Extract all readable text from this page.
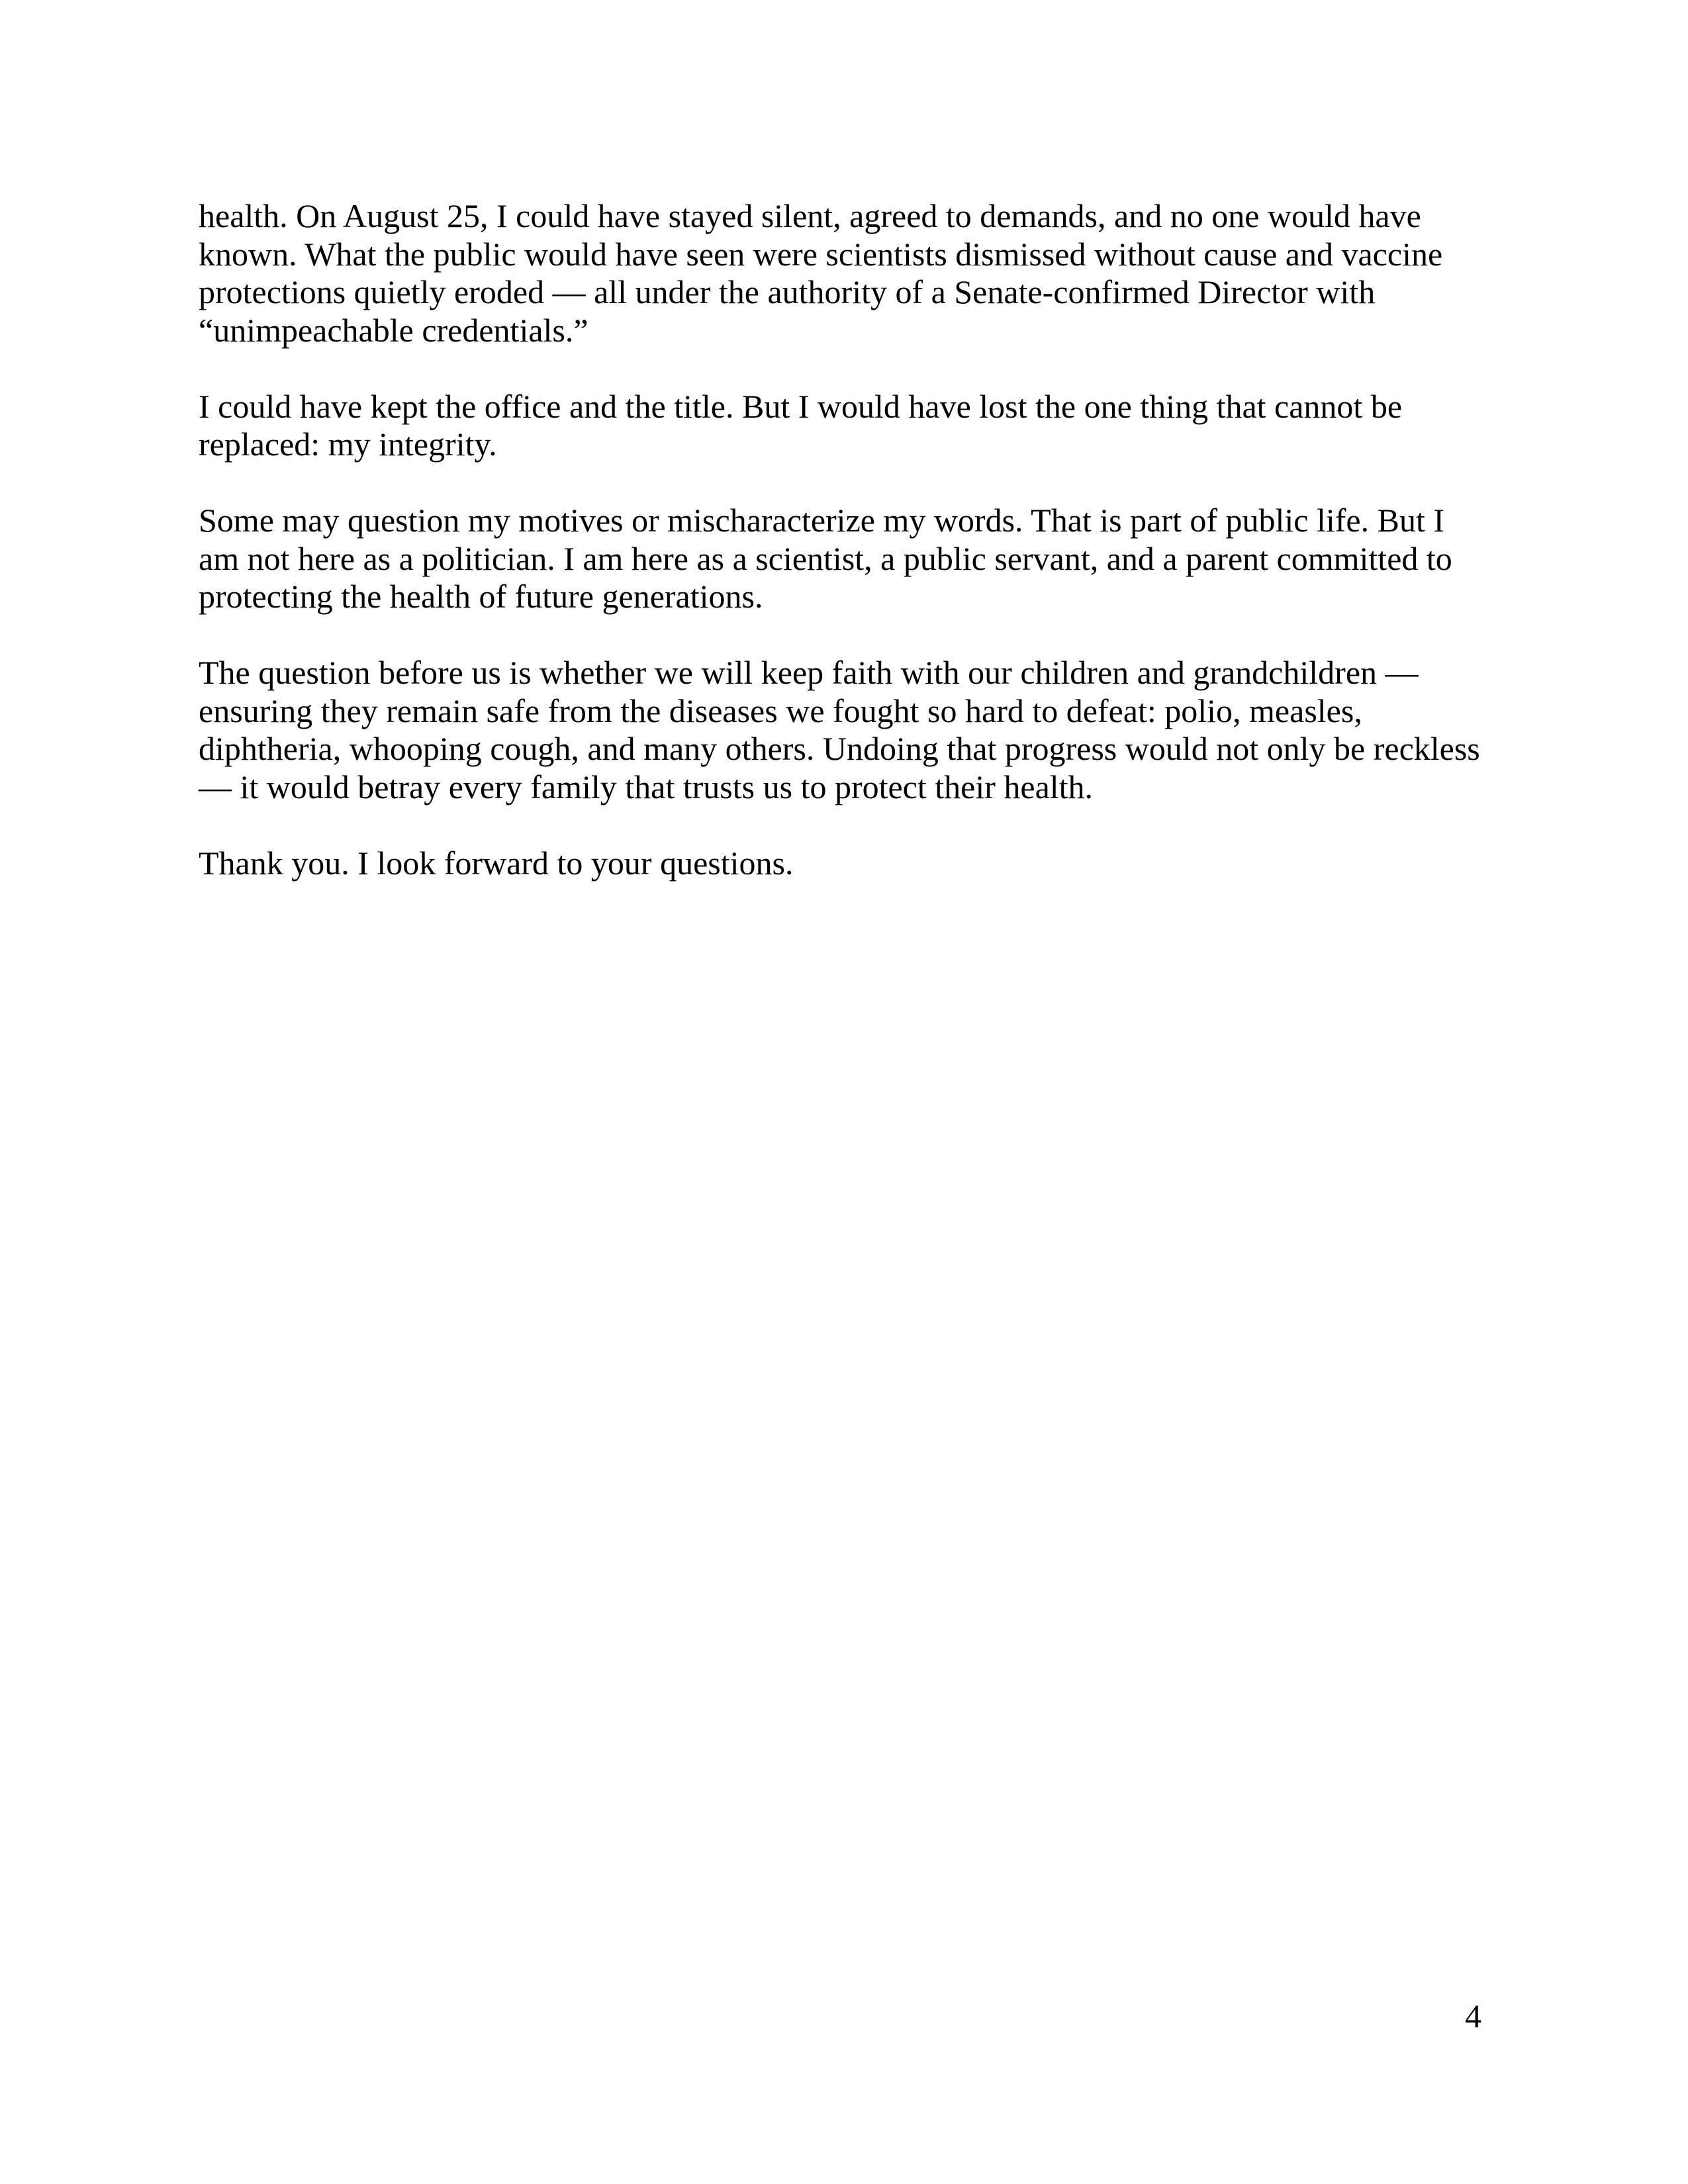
health. On August 25, I could have stayed silent, agreed to demands, and no one would have
known. What the public would have seen were scientists dismissed without cause and vaccine
protections quietly eroded — all under the authority of a Senate-confirmed Director with
“unimpeachable credentials.”

I could have kept the office and the title. But I would have lost the one thing that cannot be
replaced: my integrity.

Some may question my motives or mischaracterize my words. That is part of public life. But I
am not here as a politician. I am here as a scientist, a public servant, and a parent committed to
protecting the health of future generations.

The question before us is whether we will keep faith with our children and grandchildren —
ensuring they remain safe from the diseases we fought so hard to defeat: polio, measles,
diphtheria, whooping cough, and many others. Undoing that progress would not only be reckless
— it would betray every family that trusts us to protect their health.

Thank you. I look forward to your questions.

4
